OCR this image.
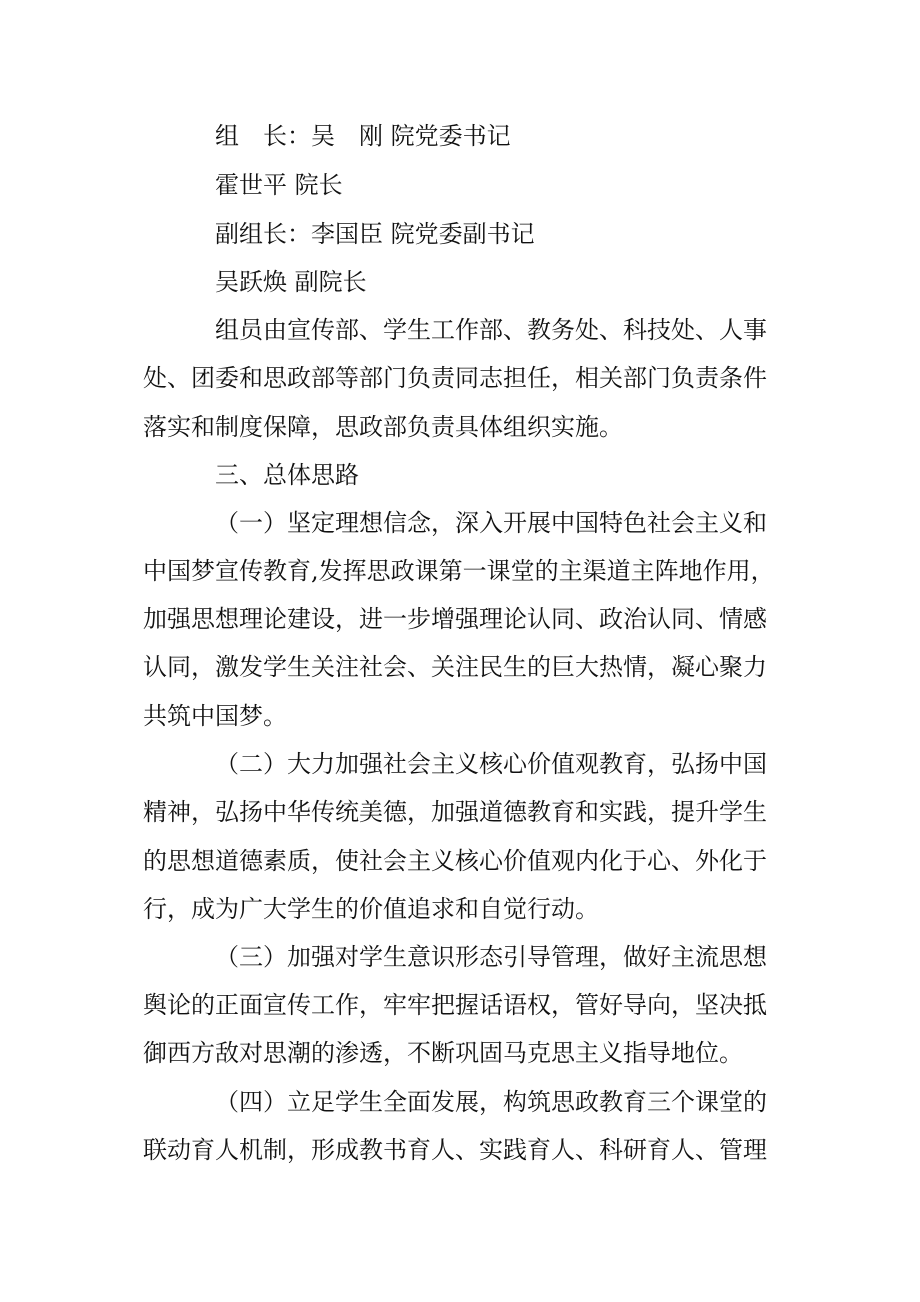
组　长：吴　刚 院党委书记
霍世平 院长
副组长：李国臣 院党委副书记
吴跃焕 副院长
组员由宣传部、学生工作部、教务处、科技处、人事
处、团委和思政部等部门负责同志担任，相关部门负责条件
落实和制度保障，思政部负责具体组织实施。
三、总体思路
（一）坚定理想信念，深入开展中国特色社会主义和
中国梦宣传教育,发挥思政课第一课堂的主渠道主阵地作用，
加强思想理论建设，进一步增强理论认同、政治认同、情感
认同，激发学生关注社会、关注民生的巨大热情，凝心聚力
共筑中国梦。
（二）大力加强社会主义核心价值观教育，弘扬中国
精神，弘扬中华传统美德，加强道德教育和实践，提升学生
的思想道德素质，使社会主义核心价值观内化于心、外化于
行，成为广大学生的价值追求和自觉行动。
（三）加强对学生意识形态引导管理，做好主流思想
舆论的正面宣传工作，牢牢把握话语权，管好导向，坚决抵
御西方敌对思潮的渗透，不断巩固马克思主义指导地位。
（四）立足学生全面发展，构筑思政教育三个课堂的
联动育人机制，形成教书育人、实践育人、科研育人、管理
